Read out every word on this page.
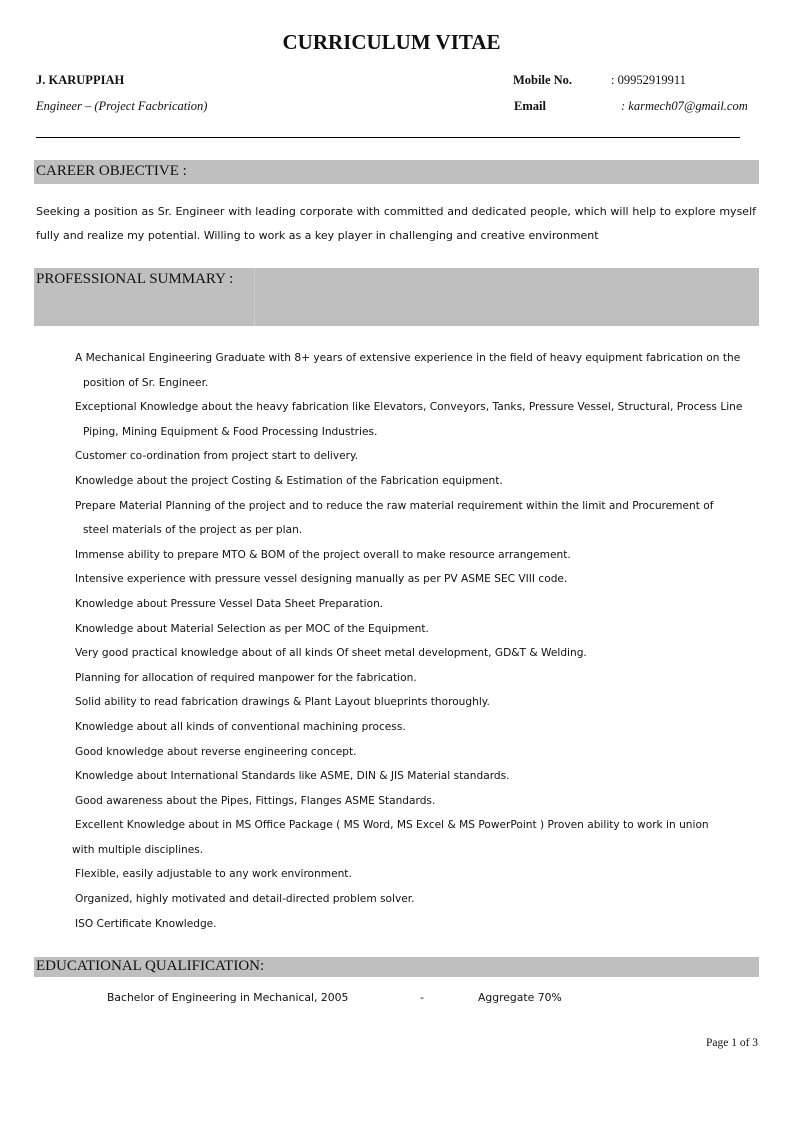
CURRICULUM VITAE
J. KARUPPIAH
Engineer – (Project Facbrication)
Mobile No.	: 09952919911
Email	: karmech07@gmail.com
CAREER OBJECTIVE :
Seeking a position as Sr. Engineer with leading corporate with committed and dedicated people, which will help to explore myself
fully and realize my potential. Willing to work as a key player in challenging and creative environment
PROFESSIONAL SUMMARY :
A Mechanical Engineering Graduate with 8+ years of extensive experience in the field of heavy equipment fabrication on the
position of Sr. Engineer.
Exceptional Knowledge about the heavy fabrication like Elevators, Conveyors, Tanks, Pressure Vessel, Structural, Process Line
Piping, Mining Equipment & Food Processing Industries.
Customer co-ordination from project start to delivery.
Knowledge about the project Costing & Estimation of the Fabrication equipment.
Prepare Material Planning of the project and to reduce the raw material requirement within the limit and Procurement of
steel materials of the project as per plan.
Immense ability to prepare MTO & BOM of the project overall to make resource arrangement.
Intensive experience with pressure vessel designing manually as per PV ASME SEC VIII code.
Knowledge about Pressure Vessel Data Sheet Preparation.
Knowledge about Material Selection as per MOC of the Equipment.
Very good practical knowledge about of all kinds Of sheet metal development, GD&T & Welding.
Planning for allocation of required manpower for the fabrication.
Solid ability to read fabrication drawings & Plant Layout blueprints thoroughly.
Knowledge about all kinds of conventional machining process.
Good knowledge about reverse engineering concept.
Knowledge about International Standards like ASME, DIN & JIS Material standards.
Good awareness about the Pipes, Fittings, Flanges ASME Standards.
Excellent Knowledge about in MS Office Package ( MS Word, MS Excel & MS PowerPoint ) Proven ability to work in union
with multiple disciplines.
Flexible, easily adjustable to any work environment.
Organized, highly motivated and detail-directed problem solver.
ISO Certificate Knowledge.
EDUCATIONAL QUALIFICATION:
Bachelor of Engineering in Mechanical, 2005	-	Aggregate 70%
Page 1 of 3
